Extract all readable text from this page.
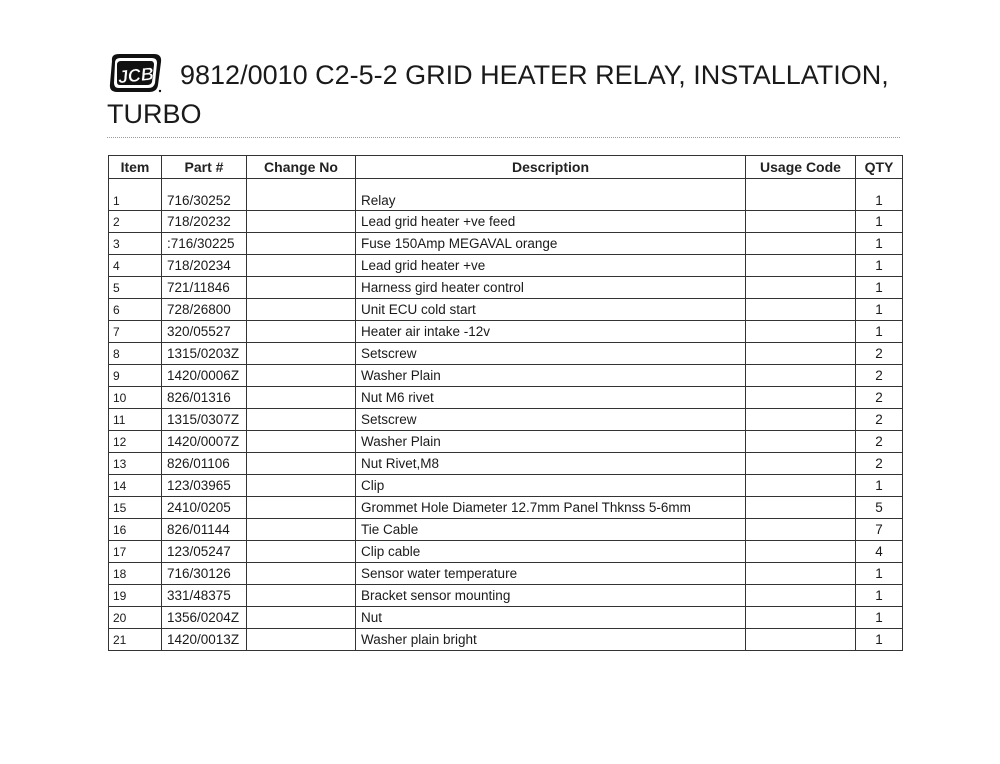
JCB 9812/0010 C2-5-2 GRID HEATER RELAY, INSTALLATION, TURBO
Item	Part #	Change No	Description	Usage Code	QTY
1	716/30252		Relay		1
2	718/20232		Lead grid heater +ve feed		1
3	:716/30225		Fuse 150Amp MEGAVAL orange		1
4	718/20234		Lead grid heater +ve		1
5	721/11846		Harness gird heater control		1
6	728/26800		Unit ECU cold start		1
7	320/05527		Heater air intake -12v		1
8	1315/0203Z		Setscrew		2
9	1420/0006Z		Washer Plain		2
10	826/01316		Nut M6 rivet		2
11	1315/0307Z		Setscrew		2
12	1420/0007Z		Washer Plain		2
13	826/01106		Nut Rivet,M8		2
14	123/03965		Clip		1
15	2410/0205		Grommet Hole Diameter 12.7mm Panel Thknss 5-6mm		5
16	826/01144		Tie Cable		7
17	123/05247		Clip cable		4
18	716/30126		Sensor water temperature		1
19	331/48375		Bracket sensor mounting		1
20	1356/0204Z		Nut		1
21	1420/0013Z		Washer plain bright		1
